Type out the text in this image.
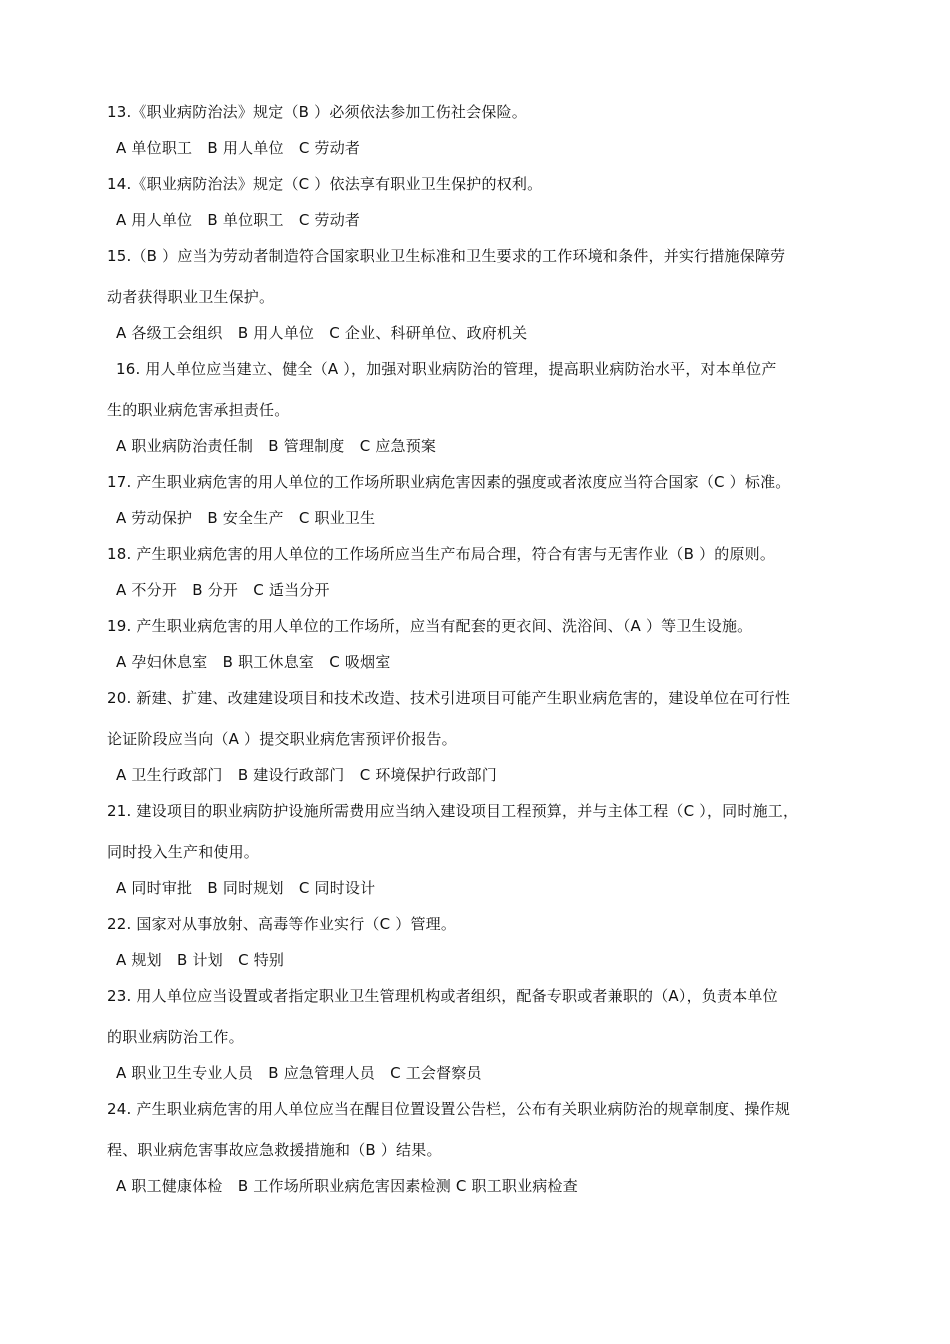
13.《职业病防治法》规定（B ）必须依法参加工伤社会保险。
A 单位职工　B 用人单位　C 劳动者
14.《职业病防治法》规定（C ）依法享有职业卫生保护的权利。
A 用人单位　B 单位职工　C 劳动者
15.（B ）应当为劳动者制造符合国家职业卫生标准和卫生要求的工作环境和条件，并实行措施保障劳
动者获得职业卫生保护。
A 各级工会组织　B 用人单位　C 企业、科研单位、政府机关
16. 用人单位应当建立、健全（A ），加强对职业病防治的管理，提高职业病防治水平，对本单位产
生的职业病危害承担责任。
A 职业病防治责任制　B 管理制度　C 应急预案
17. 产生职业病危害的用人单位的工作场所职业病危害因素的强度或者浓度应当符合国家（C ）标准。
A 劳动保护　B 安全生产　C 职业卫生
18. 产生职业病危害的用人单位的工作场所应当生产布局合理，符合有害与无害作业（B ）的原则。
A 不分开　B 分开　C 适当分开
19. 产生职业病危害的用人单位的工作场所，应当有配套的更衣间、洗浴间、（A ）等卫生设施。
A 孕妇休息室　B 职工休息室　C 吸烟室
20. 新建、扩建、改建建设项目和技术改造、技术引进项目可能产生职业病危害的，建设单位在可行性
论证阶段应当向（A ）提交职业病危害预评价报告。
A 卫生行政部门　B 建设行政部门　C 环境保护行政部门
21. 建设项目的职业病防护设施所需费用应当纳入建设项目工程预算，并与主体工程（C ），同时施工，
同时投入生产和使用。
A 同时审批　B 同时规划　C 同时设计
22. 国家对从事放射、高毒等作业实行（C ）管理。
A 规划　B 计划　C 特别
23. 用人单位应当设置或者指定职业卫生管理机构或者组织，配备专职或者兼职的（A），负责本单位
的职业病防治工作。
A 职业卫生专业人员　B 应急管理人员　C 工会督察员
24. 产生职业病危害的用人单位应当在醒目位置设置公告栏，公布有关职业病防治的规章制度、操作规
程、职业病危害事故应急救援措施和（B ）结果。
A 职工健康体检　B 工作场所职业病危害因素检测 C 职工职业病检查
